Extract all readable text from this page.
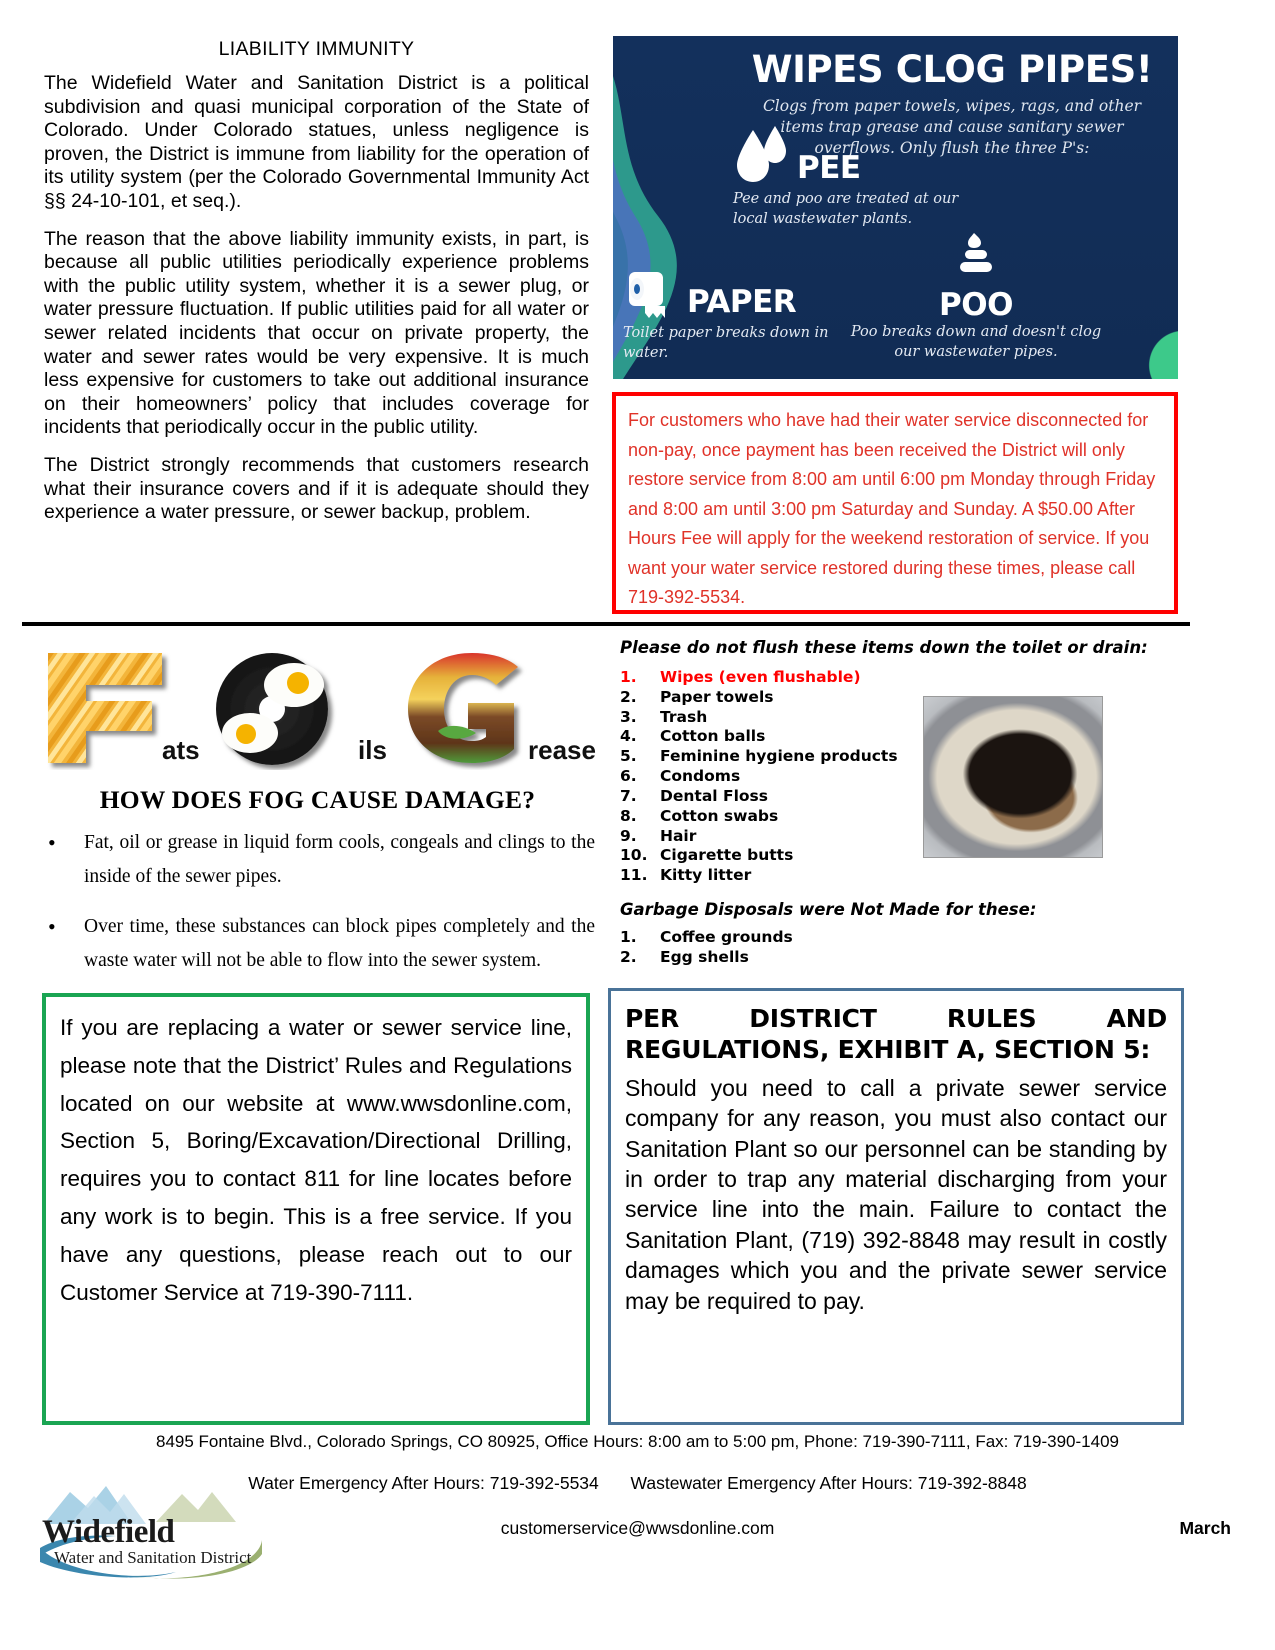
LIABILITY IMMUNITY

The Widefield Water and Sanitation District is a political subdivision and quasi municipal corporation of the State of Colorado. Under Colorado statues, unless negligence is proven, the District is immune from liability for the operation of its utility system (per the Colorado Governmental Immunity Act §§ 24-10-101, et seq.).

The reason that the above liability immunity exists, in part, is because all public utilities periodically experience problems with the public utility system, whether it is a sewer plug, or water pressure fluctuation. If public utilities paid for all water or sewer related incidents that occur on private property, the water and sewer rates would be very expensive. It is much less expensive for customers to take out additional insurance on their homeowners’ policy that includes coverage for incidents that periodically occur in the public utility.

The District strongly recommends that customers research what their insurance covers and if it is adequate should they experience a water pressure, or sewer backup, problem.

WIPES CLOG PIPES!
Clogs from paper towels, wipes, rags, and other items trap grease and cause sanitary sewer overflows. Only flush the three P's:
PEE
Pee and poo are treated at our local wastewater plants.
PAPER
Toilet paper breaks down in water.
POO
Poo breaks down and doesn't clog our wastewater pipes.

For customers who have had their water service disconnected for non-pay, once payment has been received the District will only restore service from 8:00 am until 6:00 pm Monday through Friday and 8:00 am until 3:00 pm Saturday and Sunday. A $50.00 After Hours Fee will apply for the weekend restoration of service. If you want your water service restored during these times, please call 719-392-5534.

ats	ils	rease
HOW DOES FOG CAUSE DAMAGE?
• Fat, oil or grease in liquid form cools, congeals and clings to the inside of the sewer pipes.
• Over time, these substances can block pipes completely and the waste water will not be able to flow into the sewer system.
Please do not flush these items down the toilet or drain:
1.	Wipes (even flushable)
2.	Paper towels
3.	Trash
4.	Cotton balls
5.	Feminine hygiene products
6.	Condoms
7.	Dental Floss
8.	Cotton swabs
9.	Hair
10. Cigarette butts
11. Kitty litter
Garbage Disposals were Not Made for these:
1.	Coffee grounds
2.	Egg shells

If you are replacing a water or sewer service line, please note that the District’ Rules and Regulations located on our website at www.wwsdonline.com, Section 5, Boring/Excavation/Directional Drilling, requires you to contact 811 for line locates before any work is to begin. This is a free service. If you have any questions, please reach out to our Customer Service at 719-390-7111.

PER DISTRICT RULES AND REGULATIONS, EXHIBIT A, SECTION 5:

Should you need to call a private sewer service company for any reason, you must also contact our Sanitation Plant so our personnel can be standing by in order to trap any material discharging from your service line into the main. Failure to contact the Sanitation Plant, (719) 392-8848 may result in costly damages which you and the private sewer service may be required to pay.

8495 Fontaine Blvd., Colorado Springs, CO 80925, Office Hours: 8:00 am to 5:00 pm, Phone: 719-390-7111, Fax: 719-390-1409
Water Emergency After Hours: 719-392-5534 Wastewater Emergency After Hours: 719-392-8848
customerservice@wwsdonline.com	March
Widefield
Water and Sanitation District
